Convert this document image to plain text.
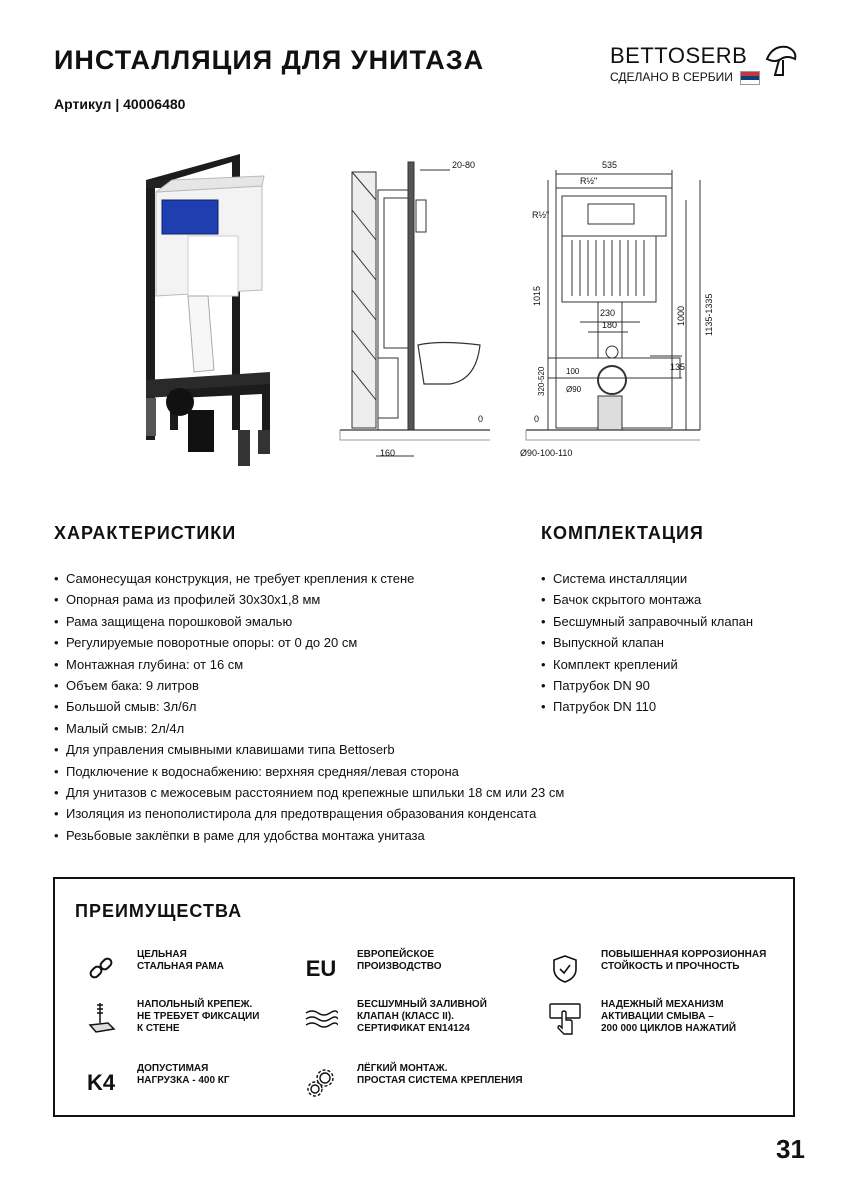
ИНСТАЛЛЯЦИЯ ДЛЯ УНИТАЗА
Артикул | 40006480
BETTOSERB
СДЕЛАНО В СЕРБИИ
20-80
160
0
535
R½"
R½"
1015
1000 1135-1335
230
180
135
100
320-520	Ø90
0
Ø90-100-110
ХАРАКТЕРИСТИКИ
• Самонесущая конструкция, не требует крепления к стене
• Опорная рама из профилей 30х30х1,8 мм
• Рама защищена порошковой эмалью
• Регулируемые поворотные опоры: от 0 до 20 см
• Монтажная глубина: от 16 см
• Объем бака: 9 литров
• Большой смыв: 3л/6л
• Малый смыв: 2л/4л
• Для управления смывными клавишами типа Bettoserb
• Подключение к водоснабжению: верхняя средняя/левая сторона
• Для унитазов с межосевым расстоянием под крепежные шпильки 18 см или 23 см
• Изоляция из пенополистирола для предотвращения образования конденсата
• Резьбовые заклёпки в раме для удобства монтажа унитаза
КОМПЛЕКТАЦИЯ
• Система инсталляции
• Бачок скрытого монтажа
• Бесшумный заправочный клапан
• Выпускной клапан
• Комплект креплений
• Патрубок DN 90
• Патрубок DN 110
ПРЕИМУЩЕСТВА
ЦЕЛЬНАЯ
СТАЛЬНАЯ РАМА	EU
ЕВРОПЕЙСКОЕ
ПРОИЗВОДСТВО
ПОВЫШЕННАЯ КОРРОЗИОННАЯ
СТОЙКОСТЬ И ПРОЧНОСТЬ
НАПОЛЬНЫЙ КРЕПЕЖ.
НЕ ТРЕБУЕТ ФИКСАЦИИ
К СТЕНЕ
БЕСШУМНЫЙ ЗАЛИВНОЙ
КЛАПАН (КЛАСС II).
СЕРТИФИКАТ EN14124
НАДЕЖНЫЙ МЕХАНИЗМ
АКТИВАЦИИ СМЫВА –
200 000 ЦИКЛОВ НАЖАТИЙ
K4
ДОПУСТИМАЯ
НАГРУЗКА - 400 КГ
ЛЁГКИЙ МОНТАЖ.
ПРОСТАЯ СИСТЕМА КРЕПЛЕНИЯ
31
